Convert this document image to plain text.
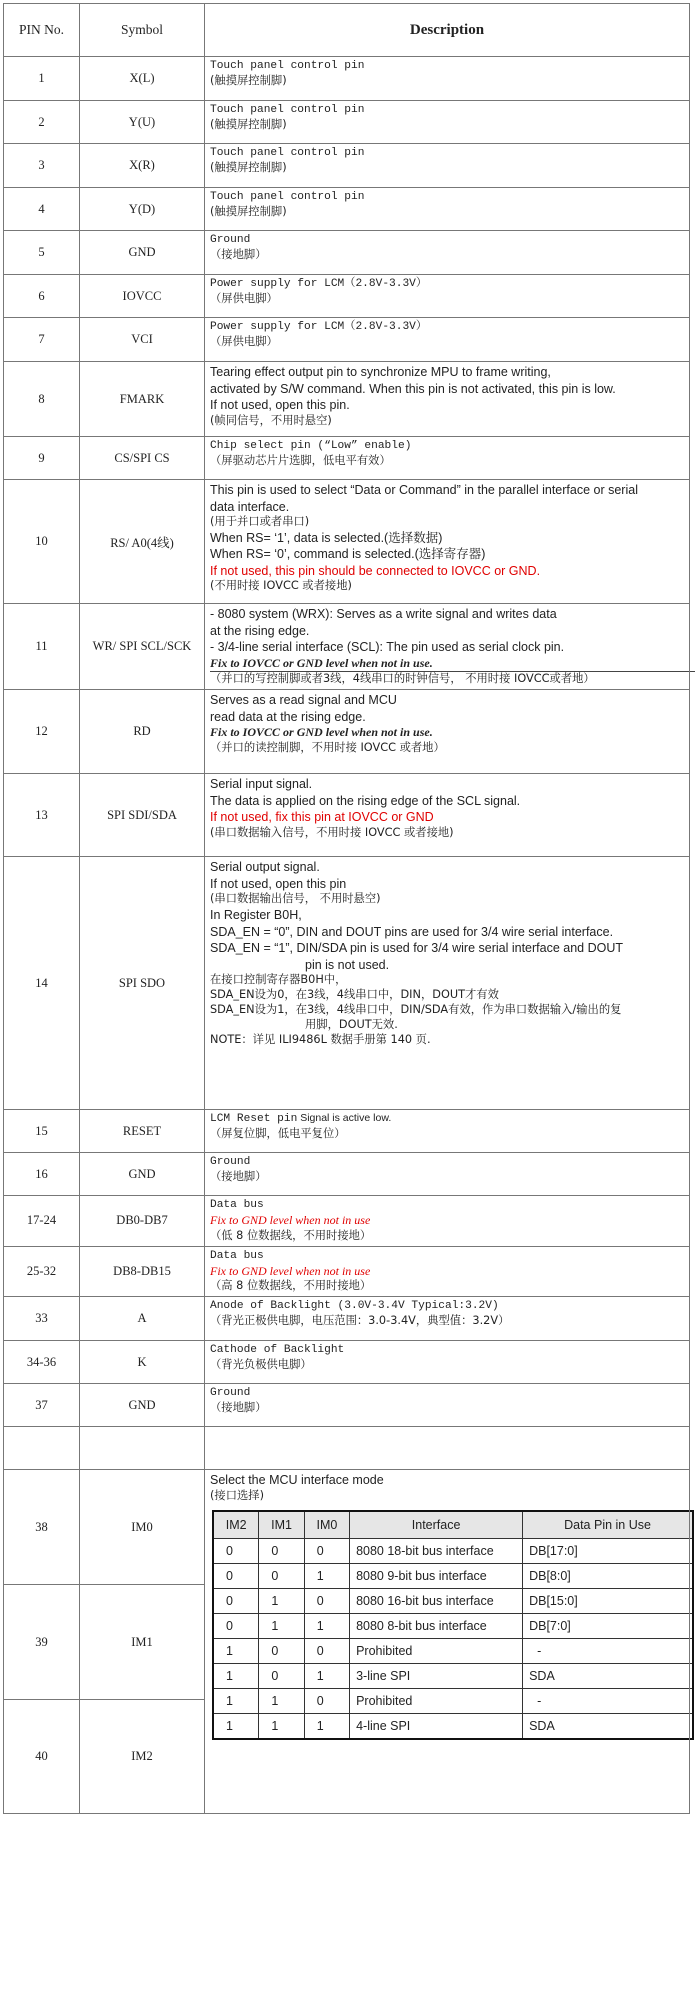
PIN No.	Symbol	Description
1	X(L)	
Touch panel control pin
(触摸屏控制脚)

2	Y(U)	
Touch panel control pin
(触摸屏控制脚)

3	X(R)	
Touch panel control pin
(触摸屏控制脚)

4	Y(D)	
Touch panel control pin
(触摸屏控制脚)

5	GND	
Ground
（接地脚）

6	IOVCC	
Power supply for LCM（2.8V-3.3V）
（屏供电脚）

7	VCI	
Power supply for LCM（2.8V-3.3V）
（屏供电脚）

8	FMARK	
Tearing effect output pin to synchronize MPU to frame writing,
activated by S/W command. When this pin is not activated, this pin is low.
If not used, open this pin.
(帧同信号，不用时悬空)

9	CS/SPI CS	
Chip select pin (“Low” enable)
（屏驱动芯片片选脚，低电平有效）

10	RS/ A0(4线)	
This pin is used to select “Data or Command” in the parallel interface or serial
data interface.
(用于并口或者串口)
When RS= ‘1’, data is selected.(选择数据)
When RS= ‘0’, command is selected.(选择寄存器)
If not used, this pin should be connected to IOVCC or GND.
(不用时接 IOVCC 或者接地)

11	WR/ SPI SCL/SCK	
- 8080 system (WRX): Serves as a write signal and writes data
at the rising edge.
- 3/4-line serial interface (SCL): The pin used as serial clock pin.
Fix to IOVCC or GND level when not in use.
（并口的写控制脚或者3线，4线串口的时钟信号， 不用时接 IOVCC或者地）

12	RD	
Serves as a read signal and MCU
read data at the rising edge.
Fix to IOVCC or GND level when not in use.
（并口的读控制脚，不用时接 IOVCC 或者地）

13	SPI SDI/SDA	
Serial input signal.
The data is applied on the rising edge of the SCL signal.
If not used, fix this pin at IOVCC or GND
(串口数据输入信号，不用时接 IOVCC 或者接地)

14	SPI SDO	
Serial output signal.
If not used, open this pin
(串口数据输出信号， 不用时悬空)
In Register B0H,
SDA_EN = “0”, DIN and DOUT pins are used for 3/4 wire serial interface.
SDA_EN = “1”, DIN/SDA pin is used for 3/4 wire serial interface and DOUT
pin is not used.
在接口控制寄存器B0H中，
SDA_EN设为0，在3线，4线串口中，DIN，DOUT才有效
SDA_EN设为1，在3线，4线串口中，DIN/SDA有效，作为串口数据输入/输出的复
用脚，DOUT无效.
NOTE：详见 ILI9486L 数据手册第 140 页.

15	RESET	
LCM Reset pin Signal is active low.
（屏复位脚，低电平复位）

16	GND	
Ground
（接地脚）

17-24	DB0-DB7	
Data bus
Fix to GND level when not in use
（低 8 位数据线，不用时接地）

25-32	DB8-DB15	
Data bus
Fix to GND level when not in use
（高 8 位数据线，不用时接地）

33	A	
Anode of Backlight (3.0V-3.4V Typical:3.2V)
（背光正极供电脚，电压范围：3.0-3.4V，典型值：3.2V）

34-36	K	
Cathode of Backlight
（背光负极供电脚）

37	GND	
Ground
（接地脚）

38	IM0	
Select the MCU interface mode
(接口选择)
IM2	IM1	IM0	Interface	Data Pin in Use
0	0	0	8080 18-bit bus interface	DB[17:0]
0	0	1	8080 9-bit bus interface	DB[8:0]
0	1	0	8080 16-bit bus interface	DB[15:0]
0	1	1	8080 8-bit bus interface	DB[7:0]
1	0	0	Prohibited	-
1	0	1	3-line SPI	SDA
1	1	0	Prohibited	-
1	1	1	4-line SPI	SDA

39	IM1
40	IM2
